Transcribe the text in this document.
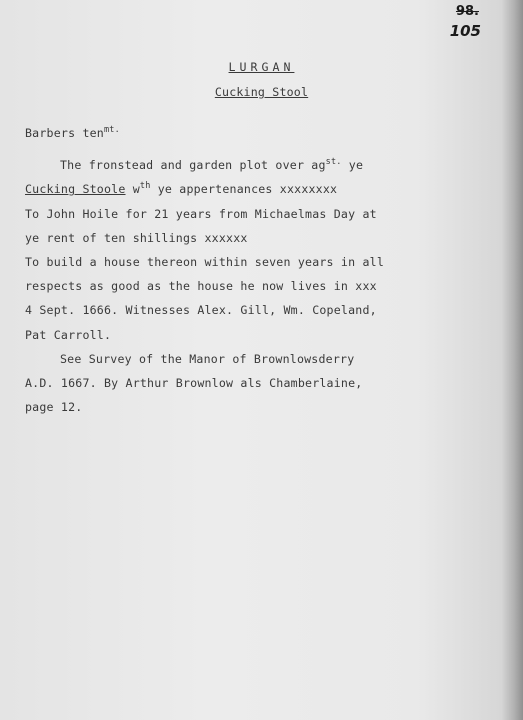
98.
105
LURGAN
Cucking Stool
Barbers ten$^{mt.}$
The fronstead and garden plot over $ag^{st.}$ ye
Cucking Stoole $w^{th}$ ye appertenances xxxxxxxx
To John Hoile for 21 years from Michaelmas Day at
ye rent of ten shillings xxxxxx
To build a house thereon within seven years in all
respects as good as the house he now lives in xxx
4 Sept. 1666. Witnesses Alex. Gill, Wm. Copeland,
Pat Carroll.
See Survey of the Manor of Brownlowsderry
A.D. 1667. By Arthur Brownlow als Chamberlaine,
page 12.
